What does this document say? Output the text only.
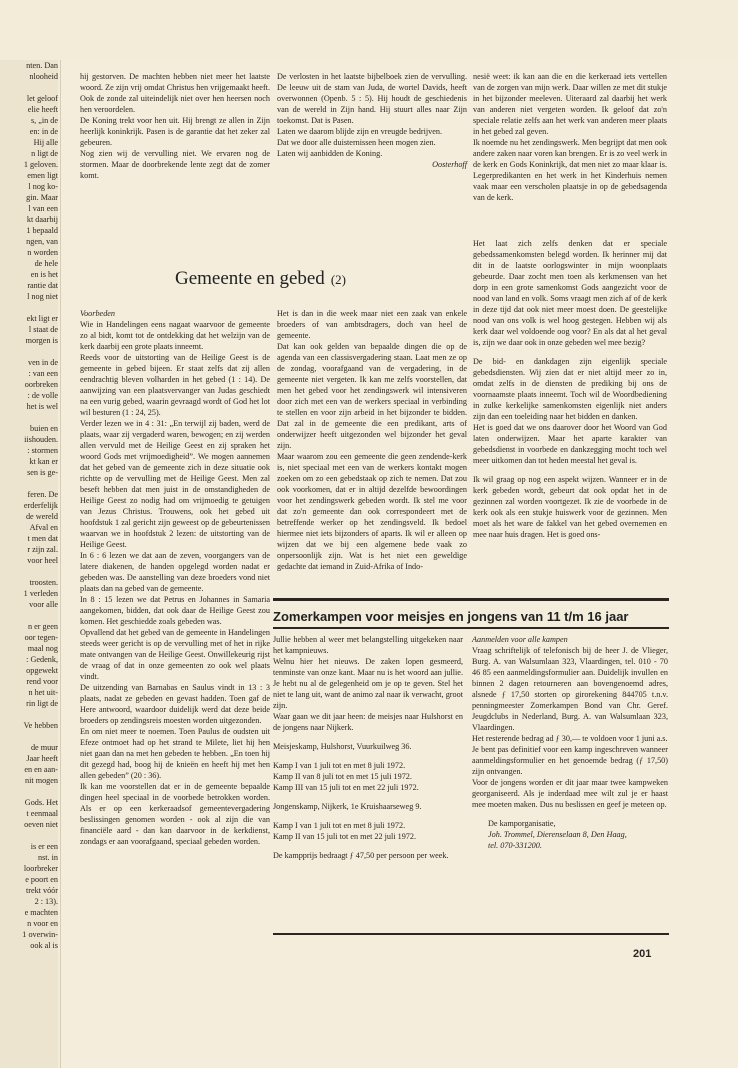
nten. Dan

nlooheid

let geloof

elie heeft

s, „in de

en: in de

Hij alle

n ligt de

1 geloven.

emen ligt

l nog ko-

gin. Maar

l van een

kt daarbij

1 bepaald

ngen, van

n worden

de hele

en is het

rantie dat

l nog niet

ekt ligt er

l staat de

morgen is

ven in de

: van een

oorbreken

: de volle

het is wel

buien en

iishouden.

: stormen

kt kan er

sen is ge-

feren. De

erderfelijk

de wereld

Afval en

t men dat

r zijn zal.

voor heel

troosten.

1 verleden

voor alle

n er geen

oor tegen-

maal nog

: Gedenk,

opgewekt

rend voor

n het uit-

rin ligt de

Ve hebben

de muur

Jaar heeft

en en aan-

nit mogen

Gods. Het

t eenmaal

oeven niet

is er een

nst. in

loorbreker

e poort en

trekt vóór

2 : 13).

e machten

n voor en

1 overwin-

ook al is

hij gestorven. De machten hebben niet meer het laatste woord. Ze zijn vrij omdat Christus hen vrijgemaakt heeft. Ook de zonde zal uiteindelijk niet over hen heersen noch hen veroordelen.

De Koning trekt voor hen uit. Hij brengt ze allen in Zijn heerlijk koninkrijk. Pasen is de garantie dat het zeker zal gebeuren.

Nog zien wij de vervulling niet. We ervaren nog de stormen. Maar de doorbrekende lente zegt dat de zomer komt.

De verlosten in het laatste bijbelboek zien de vervulling. De leeuw uit de stam van Juda, de wortel Davids, heeft overwonnen (Openb. 5 : 5). Hij houdt de geschiedenis van de wereld in Zijn hand. Hij stuurt alles naar Zijn toekomst. Dat is Pasen.

Laten we daarom blijde zijn en vreugde bedrijven.

Dat we door alle duisternissen heen mogen zien.

Laten wij aanbidden de Koning.

Oosterhoff

nesië weet: ik kan aan die en die kerkeraad iets vertellen van de zorgen van mijn werk. Daar willen ze met dit stukje in het bijzonder meeleven. Uiteraard zal daarbij het werk van anderen niet vergeten worden. Ik geloof dat zo'n speciale relatie zelfs aan het werk van anderen meer plaats in het gebed zal geven.

Ik noemde nu het zendingswerk. Men begrijpt dat men ook andere zaken naar voren kan brengen. Er is zo veel werk in de kerk en Gods Koninkrijk, dat men niet zo maar klaar is. Legerpredikanten en het werk in het Kinderhuis nemen vaak maar een verscholen plaatsje in op de gebedsagenda van de kerk.

Gemeente en gebed (2)

Voorbeden

Wie in Handelingen eens nagaat waarvoor de gemeente zo al bidt, komt tot de ontdekking dat het welzijn van de kerk daarbij een grote plaats inneemt.

Reeds voor de uitstorting van de Heilige Geest is de gemeente in gebed bijeen. Er staat zelfs dat zij allen eendrachtig bleven volharden in het gebed (1 : 14). De aanwijzing van een plaatsvervanger van Judas geschiedt na een vurig gebed, waarin gevraagd wordt of God het lot wil besturen (1 : 24, 25).

Verder lezen we in 4 : 31: „En terwijl zij baden, werd de plaats, waar zij vergaderd waren, bewogen; en zij werden allen vervuld met de Heilige Geest en zij spraken het woord Gods met vrijmoedigheid”. We mogen aannemen dat het gebed van de gemeente zich in deze situatie ook richtte op de vervulling met de Heilige Geest. Men zal beseft hebben dat men juist in de omstandigheden de Heilige Geest zo nodig had om vrijmoedig te getuigen van Jezus Christus. Trouwens, ook het gebed uit hoofdstuk 1 zal gericht zijn geweest op de gebeurtenissen waarvan we in hoofdstuk 2 lezen: de uitstorting van de Heilige Geest.

In 6 : 6 lezen we dat aan de zeven, voorgangers van de latere diakenen, de handen opgelegd worden nadat er gebeden was. De aanstelling van deze broeders vond niet plaats dan na gebed van de gemeente.

In 8 : 15 lezen we dat Petrus en Johannes in Samaria aangekomen, bidden, dat ook daar de Heilige Geest zou komen. Het geschiedde zoals gebeden was.

Opvallend dat het gebed van de gemeente in Handelingen steeds weer gericht is op de vervulling met of het in rijke mate ontvangen van de Heilige Geest. Onwillekeurig rijst de vraag of dat in onze gemeenten zo ook wel plaats vindt.

De uitzending van Barnabas en Saulus vindt in 13 : 3 plaats, nadat ze gebeden en gevast hadden. Toen gaf de Here antwoord, waardoor duidelijk werd dat deze beide broeders op zendingsreis moesten worden uitgezonden.

En om niet meer te noemen. Toen Paulus de oudsten uit Efeze ontmoet had op het strand te Milete, liet hij hen niet gaan dan na met hen gebeden te hebben. „En toen hij dit gezegd had, boog hij de knieën en heeft hij met hen allen gebeden” (20 : 36).

Ik kan me voorstellen dat er in de gemeente bepaalde dingen heel speciaal in de voorbede betrokken worden. Als er op een kerkeraadsof gemeentevergadering beslissingen genomen worden - ook al zijn die van financiële aard - dan kan daarvoor in de kerkdienst, zondags er aan voorafgaand, speciaal gebeden worden.

Het is dan in die week maar niet een zaak van enkele broeders of van ambtsdragers, doch van heel de gemeente.

Dat kan ook gelden van bepaalde dingen die op de agenda van een classisvergadering staan. Laat men ze op de zondag, voorafgaand van de vergadering, in de gemeente niet vergeten. Ik kan me zelfs voorstellen, dat men het gebed voor het zendingswerk wil intensiveren door zich met een van de werkers speciaal in verbinding te stellen en voor zijn arbeid in het bijzonder te bidden. Dat zal in de gemeente die een predikant, arts of onderwijzer heeft uitgezonden wel bijzonder het geval zijn.

Maar waarom zou een gemeente die geen zendende-kerk is, niet speciaal met een van de werkers kontakt mogen zoeken om zo een gebedstaak op zich te nemen. Dat zou ook voorkomen, dat er in altijd dezelfde bewoordingen voor het zendingswerk gebeden wordt. Ik stel me voor dat zo'n gemeente dan ook correspondeert met de betreffende werker op het zendingsveld. Ik bedoel hiermee niet iets bijzonders of aparts. Ik wil er alleen op wijzen dat we bij een algemene bede vaak zo onpersoonlijk zijn. Wat is het niet een geweldige gedachte dat iemand in Zuid-Afrika of Indo-

Het laat zich zelfs denken dat er speciale gebedssamenkomsten belegd worden. Ik herinner mij dat dit in de laatste oorlogswinter in mijn woonplaats gebeurde. Daar zocht men toen als kerkmensen van het dorp in een grote samenkomst Gods aangezicht voor de nood van land en volk. Soms vraagt men zich af of de kerk in deze tijd dat ook niet meer moest doen. De geestelijke nood van ons volk is wel hoog gestegen. Hebben wij als kerk daar wel voldoende oog voor? En als dat al het geval is, zijn we daar ook in onze gebeden wel mee bezig?

De bid- en dankdagen zijn eigenlijk speciale gebedsdiensten. Wij zien dat er niet altijd meer zo in, omdat zelfs in de diensten de prediking bij ons de voornaamste plaats inneemt. Toch wil de Woordbediening in zulke kerkelijke samenkomsten eigenlijk niet anders zijn dan een toeleiding naar het bidden en danken.

Het is goed dat we ons daarover door het Woord van God laten onderwijzen. Maar het aparte karakter van gebedsdienst in voorbede en dankzegging mocht toch wel meer uitkomen dan tot heden meestal het geval is.

Ik wil graag op nog een aspekt wijzen. Wanneer er in de kerk gebeden wordt, gebeurt dat ook opdat het in de gezinnen zal worden voortgezet. Ik zie de voorbede in de kerk ook als een stukje huiswerk voor de gezinnen. Men moet als het ware de fakkel van het gebed overnemen en mee naar huis dragen. Het is goed ons-

Zomerkampen voor meisjes en jongens van 11 t/m 16 jaar

Jullie hebben al weer met belangstelling uitgekeken naar het kampnieuws.

Welnu hier het nieuws. De zaken lopen gesmeerd, tenminste van onze kant. Maar nu is het woord aan jullie. Je hebt nu al de gelegenheid om je op te geven. Stel het niet te lang uit, want de animo zal naar ik verwacht, groot zijn.

Waar gaan we dit jaar heen: de meisjes naar Hulshorst en de jongens naar Nijkerk.

Meisjeskamp, Hulshorst, Vuurkuilweg 36.

Kamp I van 1 juli tot en met 8 juli 1972.

Kamp II van 8 juli tot en met 15 juli 1972.

Kamp III van 15 juli tot en met 22 juli 1972.

Jongenskamp, Nijkerk, 1e Kruishaarseweg 9.

Kamp I van 1 juli tot en met 8 juli 1972.

Kamp II van 15 juli tot en met 22 juli 1972.

De kampprijs bedraagt ƒ 47,50 per persoon per week.

Aanmelden voor alle kampen

Vraag schriftelijk of telefonisch bij de heer J. de Vlieger, Burg. A. van Walsumlaan 323, Vlaardingen, tel. 010 - 70 46 85 een aanmeldingsformulier aan. Duidelijk invullen en binnen 2 dagen retourneren aan bovengenoemd adres, alsnede ƒ 17,50 storten op girorekening 844705 t.n.v. penningmeester Zomerkampen Bond van Chr. Geref. Jeugdclubs in Nederland, Burg. A. van Walsumlaan 323, Vlaardingen.

Het resterende bedrag ad ƒ 30,— te voldoen voor 1 juni a.s.

Je bent pas definitief voor een kamp ingeschreven wanneer aanmeldingsformulier en het genoemde bedrag (ƒ 17,50) zijn ontvangen.

Voor de jongens worden er dit jaar maar twee kampweken georganiseerd. Als je inderdaad mee wilt zul je er haast mee moeten maken. Dus nu beslissen en geef je meteen op.

De kamporganisatie,

Joh. Trommel, Dierenselaan 8, Den Haag,

tel. 070-331200.

201
